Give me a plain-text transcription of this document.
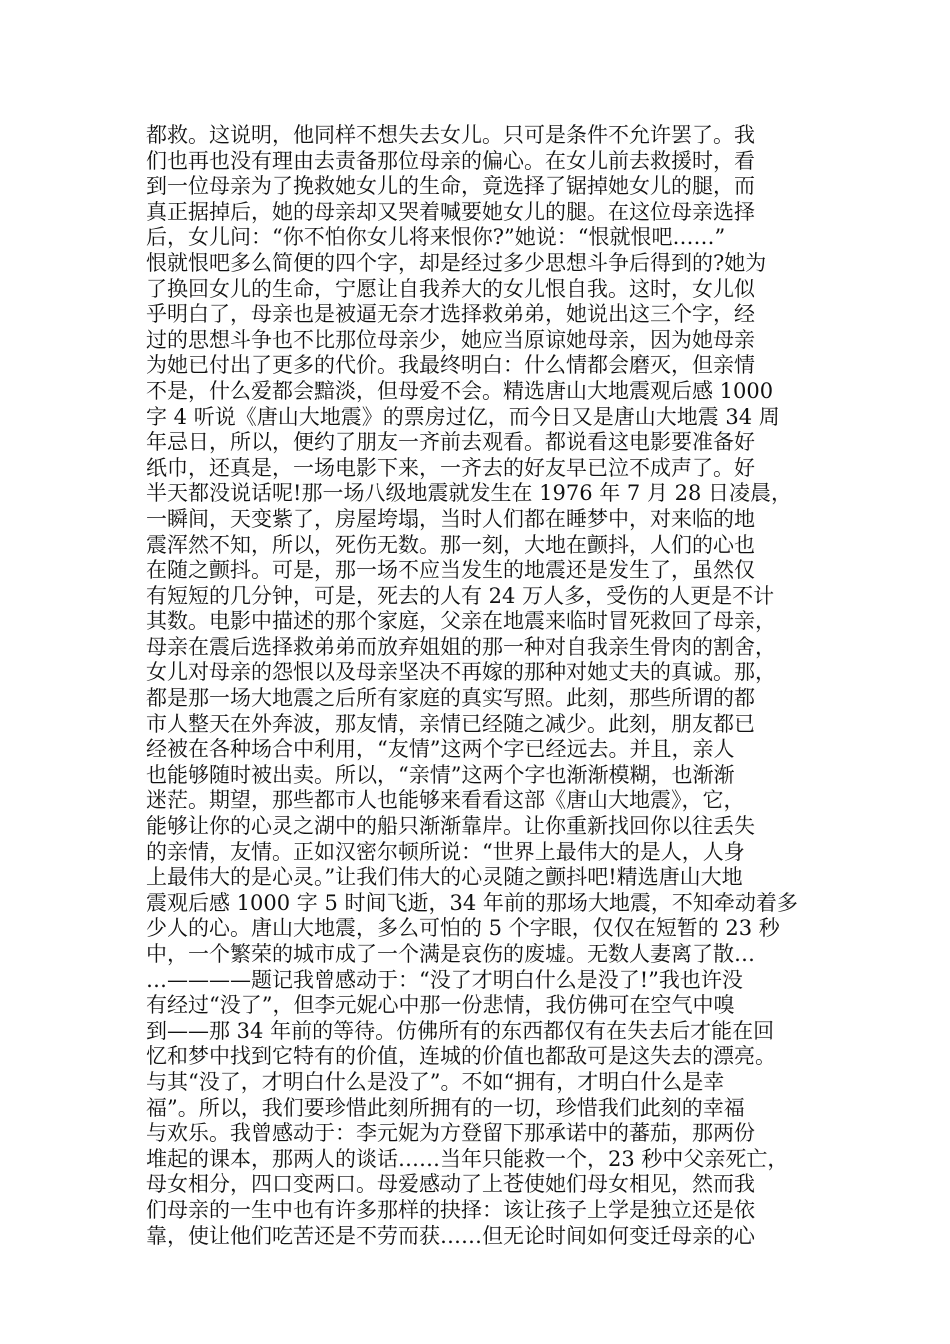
都救。这说明，他同样不想失去女儿。只可是条件不允许罢了。我
们也再也没有理由去责备那位母亲的偏心。在女儿前去救援时，看
到一位母亲为了挽救她女儿的生命，竟选择了锯掉她女儿的腿，而
真正据掉后，她的母亲却又哭着喊要她女儿的腿。在这位母亲选择
后，女儿问：“你不怕你女儿将来恨你?”她说：“恨就恨吧……”
恨就恨吧多么简便的四个字，却是经过多少思想斗争后得到的?她为
了换回女儿的生命，宁愿让自我养大的女儿恨自我。这时，女儿似
乎明白了，母亲也是被逼无奈才选择救弟弟，她说出这三个字，经
过的思想斗争也不比那位母亲少，她应当原谅她母亲，因为她母亲
为她已付出了更多的代价。我最终明白：什么情都会磨灭，但亲情
不是，什么爱都会黯淡，但母爱不会。精选唐山大地震观后感 1000
字 4 听说《唐山大地震》的票房过亿，而今日又是唐山大地震 34 周
年忌日，所以，便约了朋友一齐前去观看。都说看这电影要准备好
纸巾，还真是，一场电影下来，一齐去的好友早已泣不成声了。好
半天都没说话呢!那一场八级地震就发生在 1976 年 7 月 28 日凌晨，
一瞬间，天变紫了，房屋垮塌，当时人们都在睡梦中，对来临的地
震浑然不知，所以，死伤无数。那一刻，大地在颤抖，人们的心也
在随之颤抖。可是，那一场不应当发生的地震还是发生了，虽然仅
有短短的几分钟，可是，死去的人有 24 万人多，受伤的人更是不计
其数。电影中描述的那个家庭，父亲在地震来临时冒死救回了母亲，
母亲在震后选择救弟弟而放弃姐姐的那一种对自我亲生骨肉的割舍，
女儿对母亲的怨恨以及母亲坚决不再嫁的那种对她丈夫的真诚。那，
都是那一场大地震之后所有家庭的真实写照。此刻，那些所谓的都
市人整天在外奔波，那友情，亲情已经随之减少。此刻，朋友都已
经被在各种场合中利用，“友情”这两个字已经远去。并且，亲人
也能够随时被出卖。所以，“亲情”这两个字也渐渐模糊，也渐渐
迷茫。期望，那些都市人也能够来看看这部《唐山大地震》，它，
能够让你的心灵之湖中的船只渐渐靠岸。让你重新找回你以往丢失
的亲情，友情。正如汉密尔顿所说：“世界上最伟大的是人，人身
上最伟大的是心灵。”让我们伟大的心灵随之颤抖吧!精选唐山大地
震观后感 1000 字 5 时间飞逝，34 年前的那场大地震，不知牵动着多
少人的心。唐山大地震，多么可怕的 5 个字眼，仅仅在短暂的 23 秒
中，一个繁荣的城市成了一个满是哀伤的废墟。无数人妻离了散…
…————题记我曾感动于：“没了才明白什么是没了!”我也许没
有经过“没了”，但李元妮心中那一份悲情，我仿佛可在空气中嗅
到——那 34 年前的等待。仿佛所有的东西都仅有在失去后才能在回
忆和梦中找到它特有的价值，连城的价值也都敌可是这失去的漂亮。
与其“没了，才明白什么是没了”。不如“拥有，才明白什么是幸
福”。所以，我们要珍惜此刻所拥有的一切，珍惜我们此刻的幸福
与欢乐。我曾感动于：李元妮为方登留下那承诺中的蕃茄，那两份
堆起的课本，那两人的谈话……当年只能救一个，23 秒中父亲死亡，
母女相分，四口变两口。母爱感动了上苍使她们母女相见，然而我
们母亲的一生中也有许多那样的抉择：该让孩子上学是独立还是依
靠，使让他们吃苦还是不劳而获……但无论时间如何变迁母亲的心
